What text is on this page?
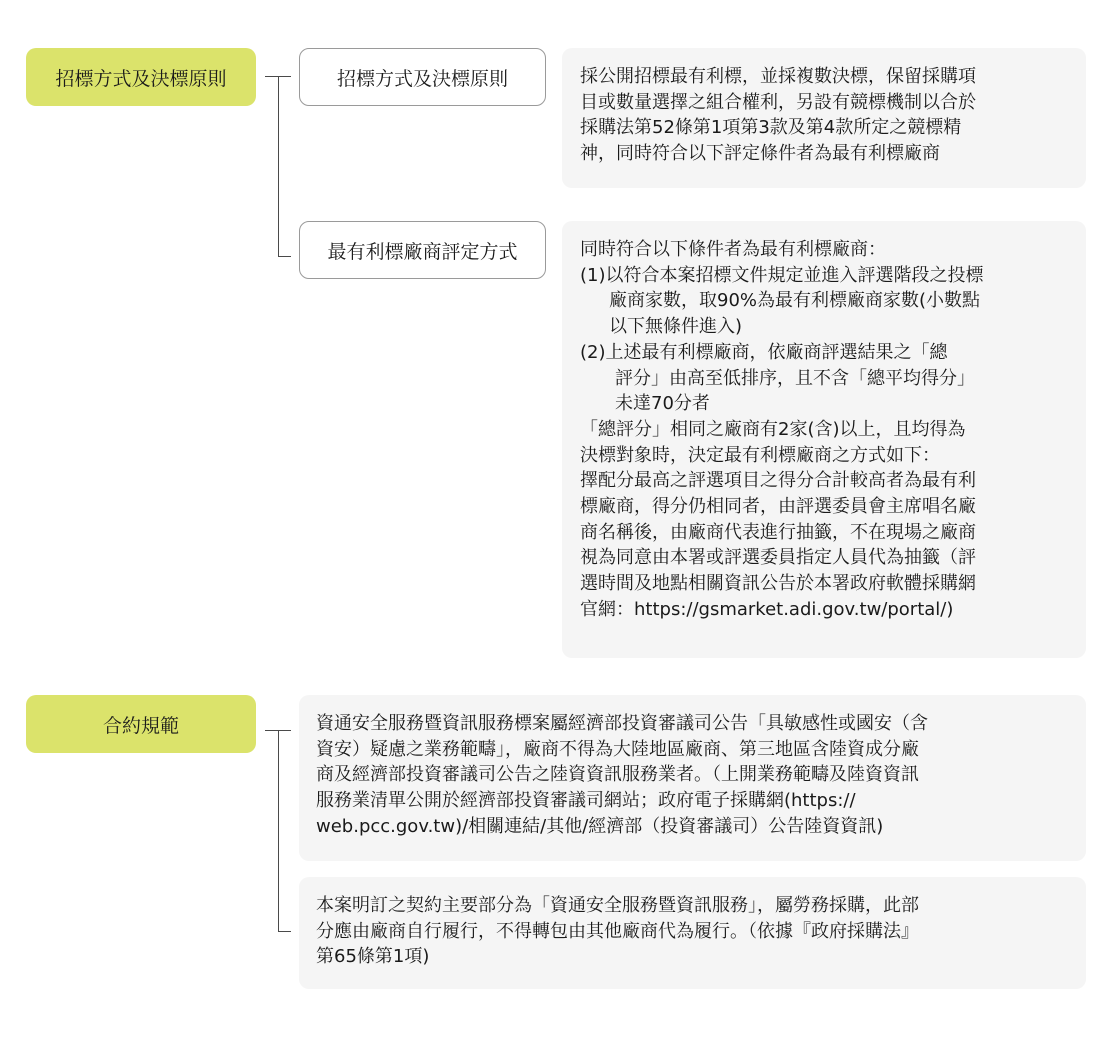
招標方式及決標原則	招標方式及決標原則	採公開招標最有利標，並採複數決標，保留採購項
目或數量選擇之組合權利，另設有競標機制以合於
採購法第52條第1項第3款及第4款所定之競標精
神，同時符合以下評定條件者為最有利標廠商
最有利標廠商評定方式	同時符合以下條件者為最有利標廠商：
(1)以符合本案招標文件規定並進入評選階段之投標
廠商家數，取90%為最有利標廠商家數(小數點
以下無條件進入)
(2)上述最有利標廠商，依廠商評選結果之「總
評分」由高至低排序，且不含「總平均得分」
未達70分者
「總評分」相同之廠商有2家(含)以上，且均得為
決標對象時，決定最有利標廠商之方式如下：
擇配分最高之評選項目之得分合計較高者為最有利
標廠商，得分仍相同者，由評選委員會主席唱名廠
商名稱後，由廠商代表進行抽籤，不在現場之廠商
視為同意由本署或評選委員指定人員代為抽籤（評
選時間及地點相關資訊公告於本署政府軟體採購網
官網：https://gsmarket.adi.gov.tw/portal/)
合約規範	資通安全服務暨資訊服務標案屬經濟部投資審議司公告「具敏感性或國安（含
資安）疑慮之業務範疇」，廠商不得為大陸地區廠商、第三地區含陸資成分廠
商及經濟部投資審議司公告之陸資資訊服務業者。（上開業務範疇及陸資資訊
服務業清單公開於經濟部投資審議司網站；政府電子採購網(https://
web.pcc.gov.tw)/相關連結/其他/經濟部（投資審議司）公告陸資資訊)
本案明訂之契約主要部分為「資通安全服務暨資訊服務」，屬勞務採購，此部
分應由廠商自行履行，不得轉包由其他廠商代為履行。（依據『政府採購法』
第65條第1項)
